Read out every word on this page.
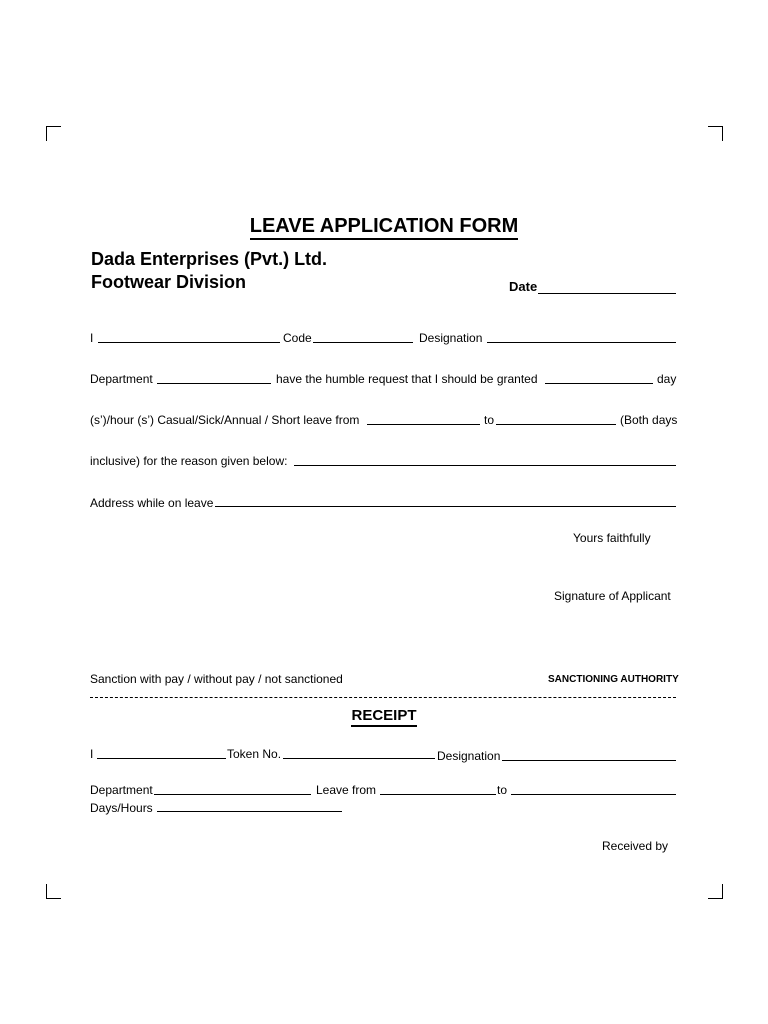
LEAVE APPLICATION FORM
Dada Enterprises (Pvt.) Ltd.
Footwear Division	Date
I	Code	Designation
Department	have the humble request that I should be granted	day
(s’)/hour (s’) Casual/Sick/Annual / Short leave from	to	(Both days
inclusive) for the reason given below:
Address while on leave
Yours faithfully
Signature of Applicant
Sanction with pay / without pay / not sanctioned	SANCTIONING AUTHORITY
RECEIPT
I	Token No.	Designation
Department	Leave from	to
Days/Hours
Received by
